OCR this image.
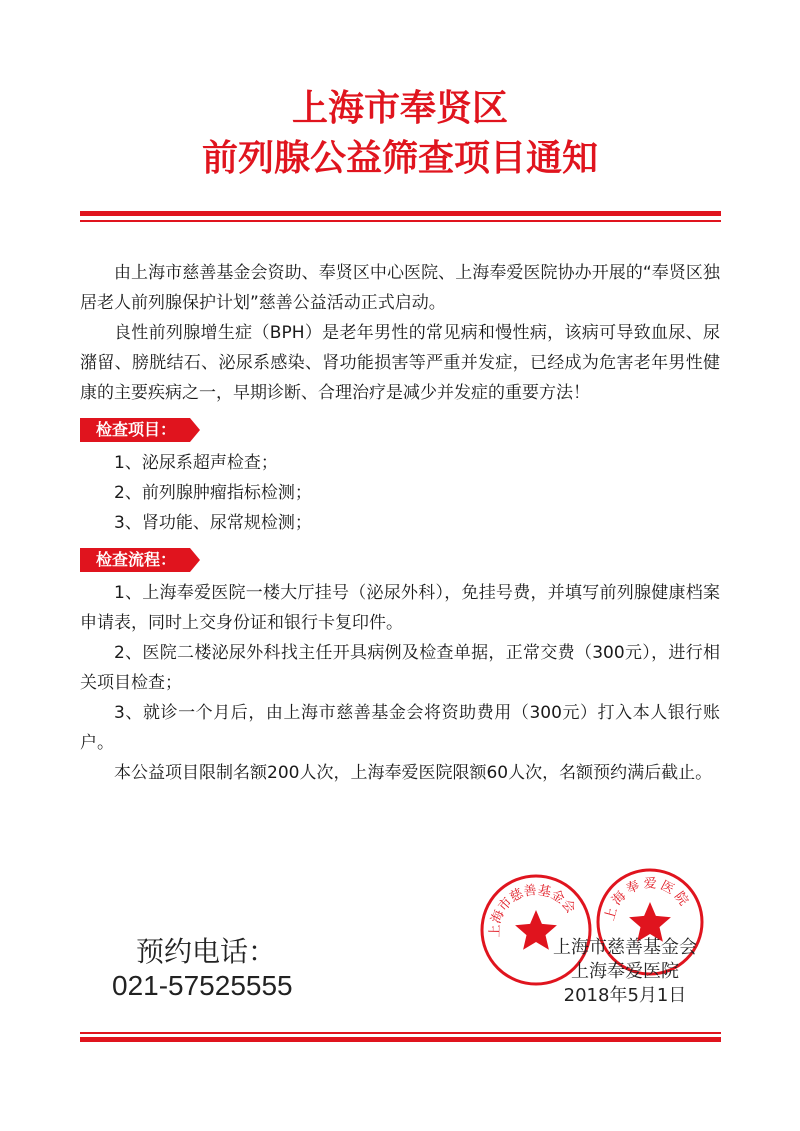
上海市奉贤区
前列腺公益筛查项目通知

由上海市慈善基金会资助、奉贤区中心医院、上海奉爱医院协办开展的“奉贤区独居老人前列腺保护计划”慈善公益活动正式启动。

良性前列腺增生症（BPH）是老年男性的常见病和慢性病，该病可导致血尿、尿潴留、膀胱结石、泌尿系感染、肾功能损害等严重并发症，已经成为危害老年男性健康的主要疾病之一，早期诊断、合理治疗是减少并发症的重要方法！

检查项目：

1、泌尿系超声检查；

2、前列腺肿瘤指标检测；

3、肾功能、尿常规检测；

检查流程：

1、上海奉爱医院一楼大厅挂号（泌尿外科），免挂号费，并填写前列腺健康档案申请表，同时上交身份证和银行卡复印件。

2、医院二楼泌尿外科找主任开具病例及检查单据，正常交费（300元），进行相关项目检查；

3、就诊一个月后，由上海市慈善基金会将资助费用（300元）打入本人银行账户。

本公益项目限制名额200人次，上海奉爱医院限额60人次，名额预约满后截止。

上海市慈善基金会 上海奉爱医院
预约电话：
021-57525555
上海市慈善基金会
上海奉爱医院
2018年5月1日
